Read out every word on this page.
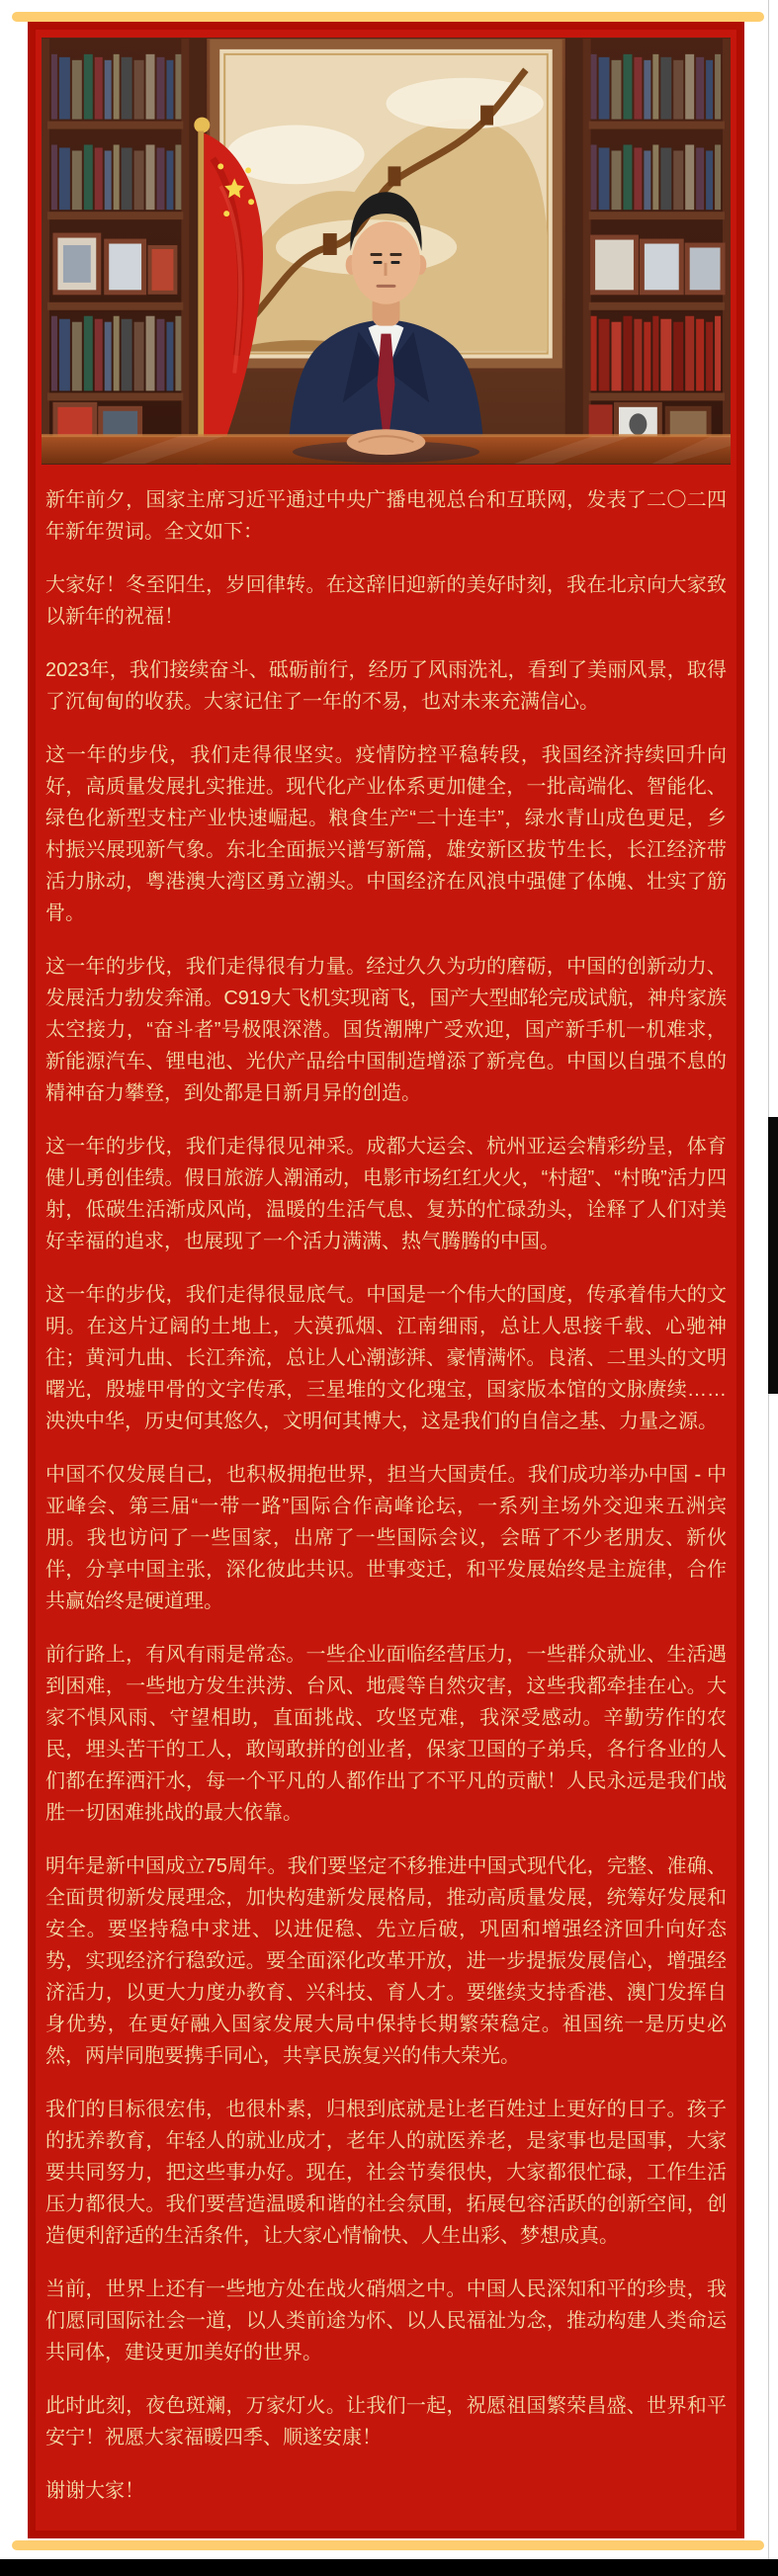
新年前夕，国家主席习近平通过中央广播电视总台和互联网，发表了二〇二四年新年贺词。全文如下：

大家好！冬至阳生，岁回律转。在这辞旧迎新的美好时刻，我在北京向大家致以新年的祝福！

2023年，我们接续奋斗、砥砺前行，经历了风雨洗礼，看到了美丽风景，取得了沉甸甸的收获。大家记住了一年的不易，也对未来充满信心。

这一年的步伐，我们走得很坚实。疫情防控平稳转段，我国经济持续回升向好，高质量发展扎实推进。现代化产业体系更加健全，一批高端化、智能化、绿色化新型支柱产业快速崛起。粮食生产“二十连丰”，绿水青山成色更足，乡村振兴展现新气象。东北全面振兴谱写新篇，雄安新区拔节生长，长江经济带活力脉动，粤港澳大湾区勇立潮头。中国经济在风浪中强健了体魄、壮实了筋骨。

这一年的步伐，我们走得很有力量。经过久久为功的磨砺，中国的创新动力、发展活力勃发奔涌。C919大飞机实现商飞，国产大型邮轮完成试航，神舟家族太空接力，“奋斗者”号极限深潜。国货潮牌广受欢迎，国产新手机一机难求，新能源汽车、锂电池、光伏产品给中国制造增添了新亮色。中国以自强不息的精神奋力攀登，到处都是日新月异的创造。

这一年的步伐，我们走得很见神采。成都大运会、杭州亚运会精彩纷呈，体育健儿勇创佳绩。假日旅游人潮涌动，电影市场红红火火，“村超”、“村晚”活力四射，低碳生活渐成风尚，温暖的生活气息、复苏的忙碌劲头，诠释了人们对美好幸福的追求，也展现了一个活力满满、热气腾腾的中国。

这一年的步伐，我们走得很显底气。中国是一个伟大的国度，传承着伟大的文明。在这片辽阔的土地上，大漠孤烟、江南细雨，总让人思接千载、心驰神往；黄河九曲、长江奔流，总让人心潮澎湃、豪情满怀。良渚、二里头的文明曙光，殷墟甲骨的文字传承，三星堆的文化瑰宝，国家版本馆的文脉赓续……泱泱中华，历史何其悠久，文明何其博大，这是我们的自信之基、力量之源。

中国不仅发展自己，也积极拥抱世界，担当大国责任。我们成功举办中国 - 中亚峰会、第三届“一带一路”国际合作高峰论坛，一系列主场外交迎来五洲宾朋。我也访问了一些国家，出席了一些国际会议，会晤了不少老朋友、新伙伴，分享中国主张，深化彼此共识。世事变迁，和平发展始终是主旋律，合作共赢始终是硬道理。

前行路上，有风有雨是常态。一些企业面临经营压力，一些群众就业、生活遇到困难，一些地方发生洪涝、台风、地震等自然灾害，这些我都牵挂在心。大家不惧风雨、守望相助，直面挑战、攻坚克难，我深受感动。辛勤劳作的农民，埋头苦干的工人，敢闯敢拼的创业者，保家卫国的子弟兵，各行各业的人们都在挥洒汗水，每一个平凡的人都作出了不平凡的贡献！人民永远是我们战胜一切困难挑战的最大依靠。

明年是新中国成立75周年。我们要坚定不移推进中国式现代化，完整、准确、全面贯彻新发展理念，加快构建新发展格局，推动高质量发展，统筹好发展和安全。要坚持稳中求进、以进促稳、先立后破，巩固和增强经济回升向好态势，实现经济行稳致远。要全面深化改革开放，进一步提振发展信心，增强经济活力，以更大力度办教育、兴科技、育人才。要继续支持香港、澳门发挥自身优势，在更好融入国家发展大局中保持长期繁荣稳定。祖国统一是历史必然，两岸同胞要携手同心，共享民族复兴的伟大荣光。

我们的目标很宏伟，也很朴素，归根到底就是让老百姓过上更好的日子。孩子的抚养教育，年轻人的就业成才，老年人的就医养老，是家事也是国事，大家要共同努力，把这些事办好。现在，社会节奏很快，大家都很忙碌，工作生活压力都很大。我们要营造温暖和谐的社会氛围，拓展包容活跃的创新空间，创造便利舒适的生活条件，让大家心情愉快、人生出彩、梦想成真。

当前，世界上还有一些地方处在战火硝烟之中。中国人民深知和平的珍贵，我们愿同国际社会一道，以人类前途为怀、以人民福祉为念，推动构建人类命运共同体，建设更加美好的世界。

此时此刻，夜色斑斓，万家灯火。让我们一起，祝愿祖国繁荣昌盛、世界和平安宁！祝愿大家福暖四季、顺遂安康！

谢谢大家！
